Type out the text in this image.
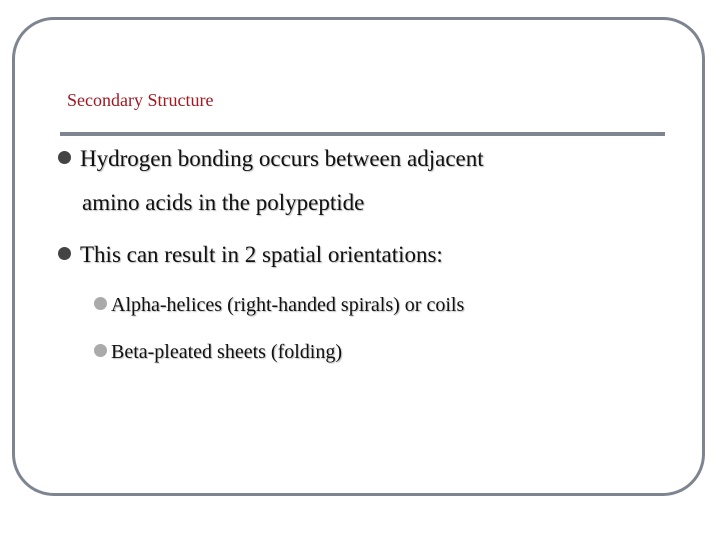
Secondary Structure
Hydrogen bonding occurs between adjacent
amino acids in the polypeptide
This can result in 2 spatial orientations:
Alpha-helices (right-handed spirals) or coils
Beta-pleated sheets (folding)
